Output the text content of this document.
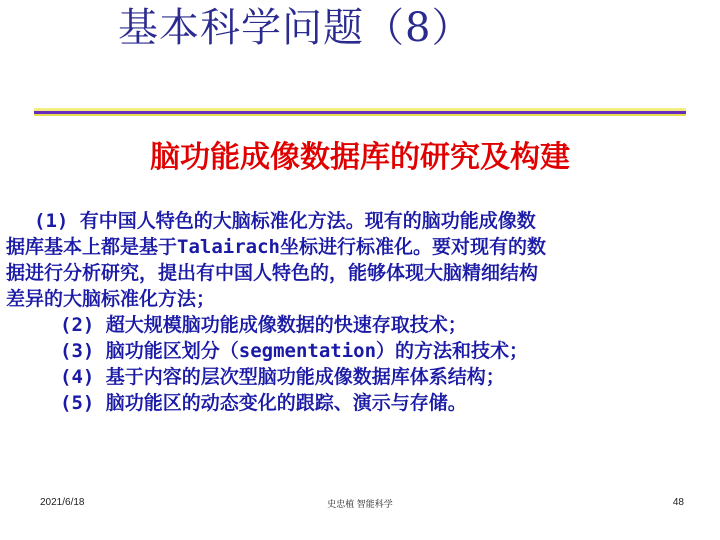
基本科学问题（8）
脑功能成像数据库的研究及构建
(1) 有中国人特色的大脑标准化方法。现有的脑功能成像数
据库基本上都是基于Talairach坐标进行标准化。要对现有的数
据进行分析研究，提出有中国人特色的，能够体现大脑精细结构
差异的大脑标准化方法；
(2) 超大规模脑功能成像数据的快速存取技术；
(3) 脑功能区划分（segmentation）的方法和技术；
(4) 基于内容的层次型脑功能成像数据库体系结构；
(5) 脑功能区的动态变化的跟踪、演示与存储。
2021/6/18	史忠植 智能科学	48
